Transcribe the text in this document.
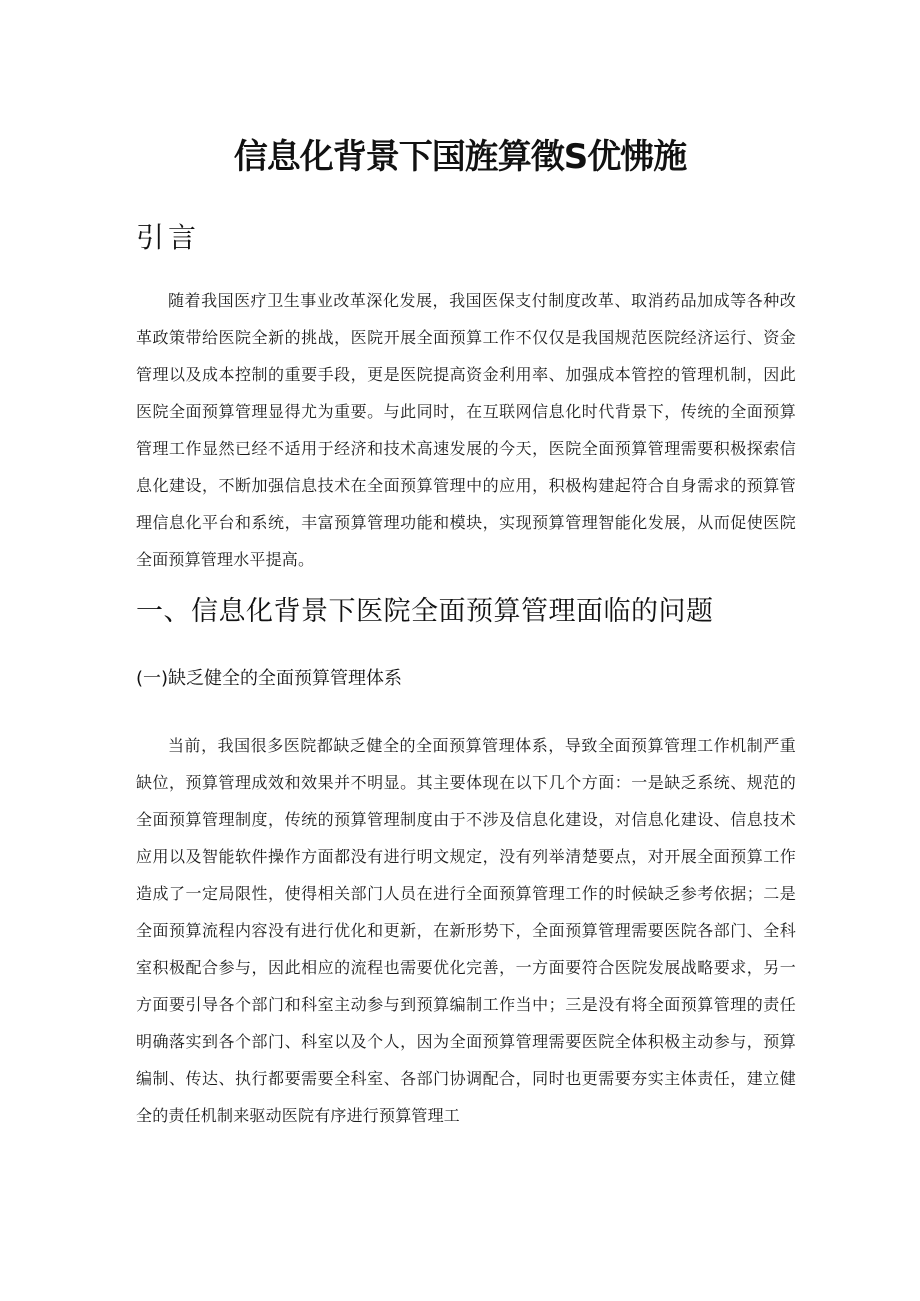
信息化背景下国旌算徵S优怫施
引言

随着我国医疗卫生事业改革深化发展，我国医保支付制度改革、取消药品加成等各种改革政策带给医院全新的挑战，医院开展全面预算工作不仅仅是我国规范医院经济运行、资金管理以及成本控制的重要手段，更是医院提高资金利用率、加强成本管控的管理机制，因此医院全面预算管理显得尤为重要。与此同时，在互联网信息化时代背景下，传统的全面预算管理工作显然已经不适用于经济和技术高速发展的今天，医院全面预算管理需要积极探索信息化建设，不断加强信息技术在全面预算管理中的应用，积极构建起符合自身需求的预算管理信息化平台和系统，丰富预算管理功能和模块，实现预算管理智能化发展，从而促使医院全面预算管理水平提高。

一、信息化背景下医院全面预算管理面临的问题
(一)缺乏健全的全面预算管理体系

当前，我国很多医院都缺乏健全的全面预算管理体系，导致全面预算管理工作机制严重缺位，预算管理成效和效果并不明显。其主要体现在以下几个方面：一是缺乏系统、规范的全面预算管理制度，传统的预算管理制度由于不涉及信息化建设，对信息化建设、信息技术应用以及智能软件操作方面都没有进行明文规定，没有列举清楚要点，对开展全面预算工作造成了一定局限性，使得相关部门人员在进行全面预算管理工作的时候缺乏参考依据；二是全面预算流程内容没有进行优化和更新，在新形势下，全面预算管理需要医院各部门、全科室积极配合参与，因此相应的流程也需要优化完善，一方面要符合医院发展战略要求，另一方面要引导各个部门和科室主动参与到预算编制工作当中；三是没有将全面预算管理的责任明确落实到各个部门、科室以及个人，因为全面预算管理需要医院全体积极主动参与，预算编制、传达、执行都要需要全科室、各部门协调配合，同时也更需要夯实主体责任，建立健全的责任机制来驱动医院有序进行预算管理工
